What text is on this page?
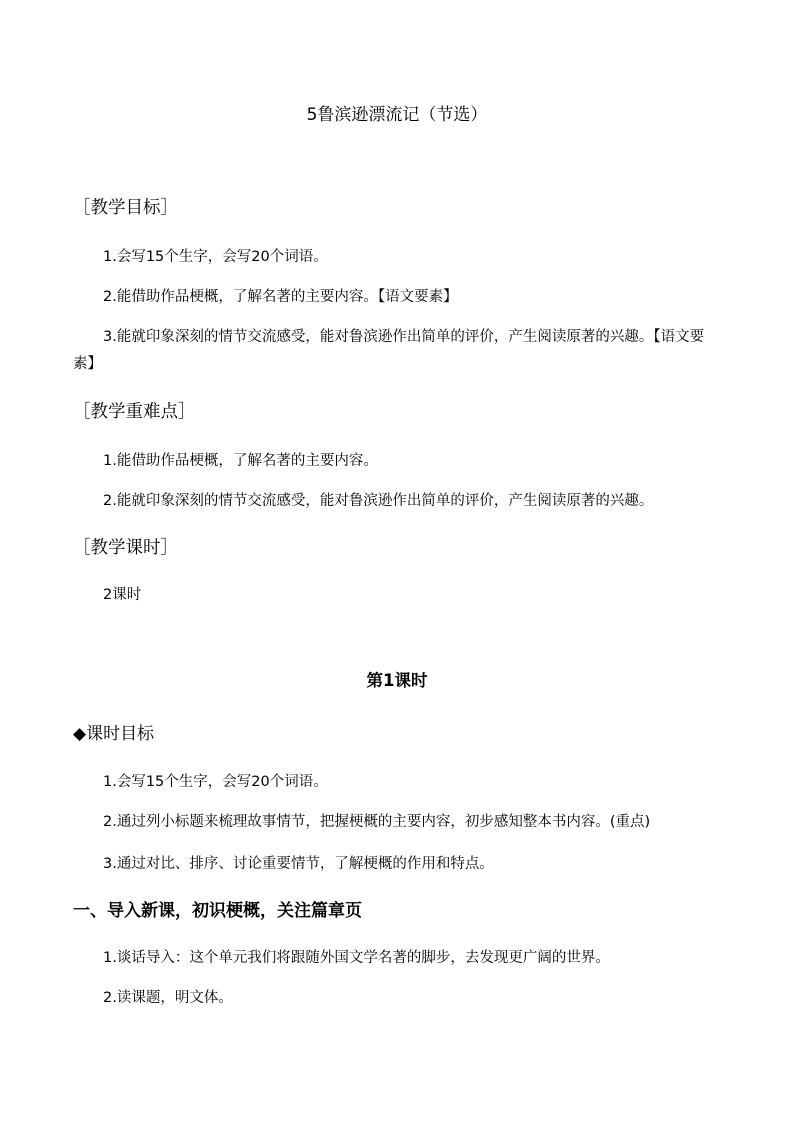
5鲁滨逊漂流记（节选）
［教学目标］
1.会写15个生字，会写20个词语。
2.能借助作品梗概，了解名著的主要内容。【语文要素】
3.能就印象深刻的情节交流感受，能对鲁滨逊作出简单的评价，产生阅读原著的兴趣。【语文要素】
［教学重难点］
1.能借助作品梗概，了解名著的主要内容。
2.能就印象深刻的情节交流感受，能对鲁滨逊作出简单的评价，产生阅读原著的兴趣。
［教学课时］
2课时
第1课时
◆课时目标
1.会写15个生字，会写20个词语。
2.通过列小标题来梳理故事情节，把握梗概的主要内容，初步感知整本书内容。(重点)
3.通过对比、排序、讨论重要情节，了解梗概的作用和特点。
一、导入新课，初识梗概，关注篇章页
1.谈话导入：这个单元我们将跟随外国文学名著的脚步，去发现更广阔的世界。
2.读课题，明文体。
